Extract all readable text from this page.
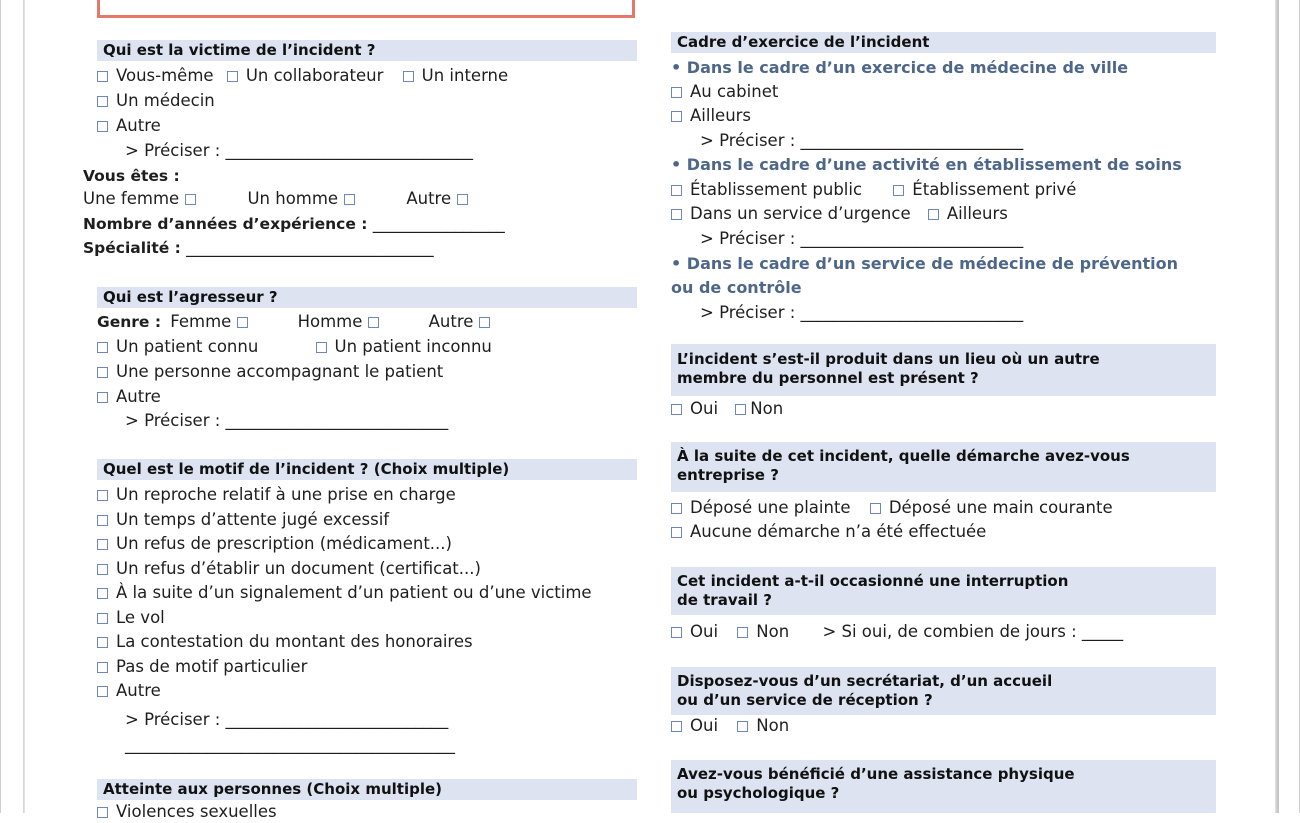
Qui est la victime de l’incident ?
Vous-même Un collaborateur Un interne
Un médecin
Autre
> Préciser : ______________________________
Vous êtes :
Une femme	Un homme	Autre
Nombre d’années d’expérience : ________________
Spécialité : ______________________________
Qui est l’agresseur ?
Genre : Femme	Homme	Autre
Un patient connu	Un patient inconnu
Une personne accompagnant le patient
Autre
> Préciser : ___________________________
Quel est le motif de l’incident ? (Choix multiple)
Un reproche relatif à une prise en charge
Un temps d’attente jugé excessif
Un refus de prescription (médicament...)
Un refus d’établir un document (certificat...)
À la suite d’un signalement d’un patient ou d’une victime
Le vol
La contestation du montant des honoraires
Pas de motif particulier
Autre
> Préciser : ___________________________
________________________________________
Atteinte aux personnes (Choix multiple)
Violences sexuelles
Cadre d’exercice de l’incident
• Dans le cadre d’un exercice de médecine de ville
Au cabinet
Ailleurs
> Préciser : ___________________________
• Dans le cadre d’une activité en établissement de soins
Établissement public	Établissement privé
Dans un service d’urgence Ailleurs
> Préciser : ___________________________
• Dans le cadre d’un service de médecine de prévention
ou de contrôle
> Préciser : ___________________________
L’incident s’est-il produit dans un lieu où un autre
membre du personnel est présent ?
Oui Non
À la suite de cet incident, quelle démarche avez-vous
entreprise ?
Déposé une plainte Déposé une main courante
Aucune démarche n’a été effectuée
Cet incident a-t-il occasionné une interruption
de travail ?
Oui Non > Si oui, de combien de jours : _____
Disposez-vous d’un secrétariat, d’un accueil
ou d’un service de réception ?
Oui Non
Avez-vous bénéficié d’une assistance physique
ou psychologique ?
